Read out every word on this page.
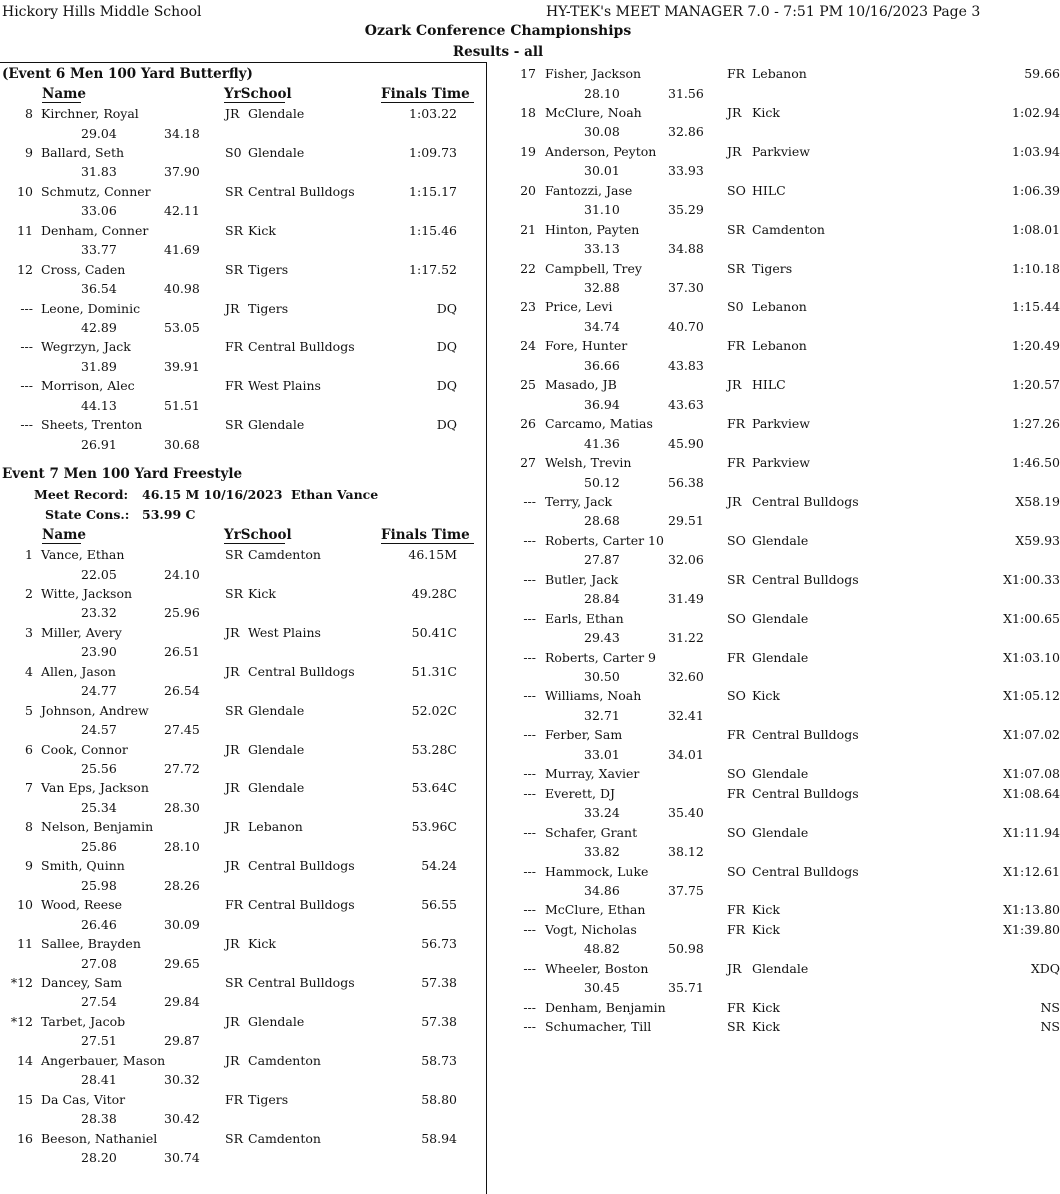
Hickory Hills Middle School	HY-TEK's MEET MANAGER 7.0 - 7:51 PM 10/16/2023 Page 3
Ozark Conference Championships
Results - all
(Event 6 Men 100 Yard Butterfly)
Name	YrSchool	Finals Time
8 Kirchner, Royal	JR Glendale	1:03.22
29.04	34.18
9 Ballard, Seth	S0 Glendale	1:09.73
31.83	37.90
10 Schmutz, Conner	SR Central Bulldogs	1:15.17
33.06	42.11
11 Denham, Conner	SR Kick	1:15.46
33.77	41.69
12 Cross, Caden	SR Tigers	1:17.52
36.54	40.98
--- Leone, Dominic	JR Tigers	DQ
42.89	53.05
--- Wegrzyn, Jack	FR Central Bulldogs	DQ
31.89	39.91
--- Morrison, Alec	FR West Plains	DQ
44.13	51.51
--- Sheets, Trenton	SR Glendale	DQ
26.91	30.68
Event 7 Men 100 Yard Freestyle
Meet Record: 46.15 M 10/16/2023 Ethan Vance
State Cons.: 53.99 C
Name	YrSchool	Finals Time
1 Vance, Ethan	SR Camdenton	46.15M
22.05	24.10
2 Witte, Jackson	SR Kick	49.28C
23.32	25.96
3 Miller, Avery	JR West Plains	50.41C
23.90	26.51
4 Allen, Jason	JR Central Bulldogs	51.31C
24.77	26.54
5 Johnson, Andrew	SR Glendale	52.02C
24.57	27.45
6 Cook, Connor	JR Glendale	53.28C
25.56	27.72
7 Van Eps, Jackson	JR Glendale	53.64C
25.34	28.30
8 Nelson, Benjamin	JR Lebanon	53.96C
25.86	28.10
9 Smith, Quinn	JR Central Bulldogs	54.24
25.98	28.26
10 Wood, Reese	FR Central Bulldogs	56.55
26.46	30.09
11 Sallee, Brayden	JR Kick	56.73
27.08	29.65
*12 Dancey, Sam	SR Central Bulldogs	57.38
27.54	29.84
*12 Tarbet, Jacob	JR Glendale	57.38
27.51	29.87
14 Angerbauer, Mason	JR Camdenton	58.73
28.41	30.32
15 Da Cas, Vitor	FR Tigers	58.80
28.38	30.42
16 Beeson, Nathaniel	SR Camdenton	58.94
28.20	30.74
17 Fisher, Jackson	FR Lebanon	59.66
28.10	31.56
18 McClure, Noah	JR Kick	1:02.94
30.08	32.86
19 Anderson, Peyton	JR Parkview	1:03.94
30.01	33.93
20 Fantozzi, Jase	SO HILC	1:06.39
31.10	35.29
21 Hinton, Payten	SR Camdenton	1:08.01
33.13	34.88
22 Campbell, Trey	SR Tigers	1:10.18
32.88	37.30
23 Price, Levi	S0 Lebanon	1:15.44
34.74	40.70
24 Fore, Hunter	FR Lebanon	1:20.49
36.66	43.83
25 Masado, JB	JR HILC	1:20.57
36.94	43.63
26 Carcamo, Matias	FR Parkview	1:27.26
41.36	45.90
27 Welsh, Trevin	FR Parkview	1:46.50
50.12	56.38
--- Terry, Jack	JR Central Bulldogs	X58.19
28.68	29.51
--- Roberts, Carter 10	SO Glendale	X59.93
27.87	32.06
--- Butler, Jack	SR Central Bulldogs	X1:00.33
28.84	31.49
--- Earls, Ethan	SO Glendale	X1:00.65
29.43	31.22
--- Roberts, Carter 9	FR Glendale	X1:03.10
30.50	32.60
--- Williams, Noah	SO Kick	X1:05.12
32.71	32.41
--- Ferber, Sam	FR Central Bulldogs	X1:07.02
33.01	34.01
--- Murray, Xavier	SO Glendale	X1:07.08
--- Everett, DJ	FR Central Bulldogs	X1:08.64
33.24	35.40
--- Schafer, Grant	SO Glendale	X1:11.94
33.82	38.12
--- Hammock, Luke	SO Central Bulldogs	X1:12.61
34.86	37.75
--- McClure, Ethan	FR Kick	X1:13.80
--- Vogt, Nicholas	FR Kick	X1:39.80
48.82	50.98
--- Wheeler, Boston	JR Glendale	XDQ
30.45	35.71
--- Denham, Benjamin	FR Kick	NS
--- Schumacher, Till	SR Kick	NS
